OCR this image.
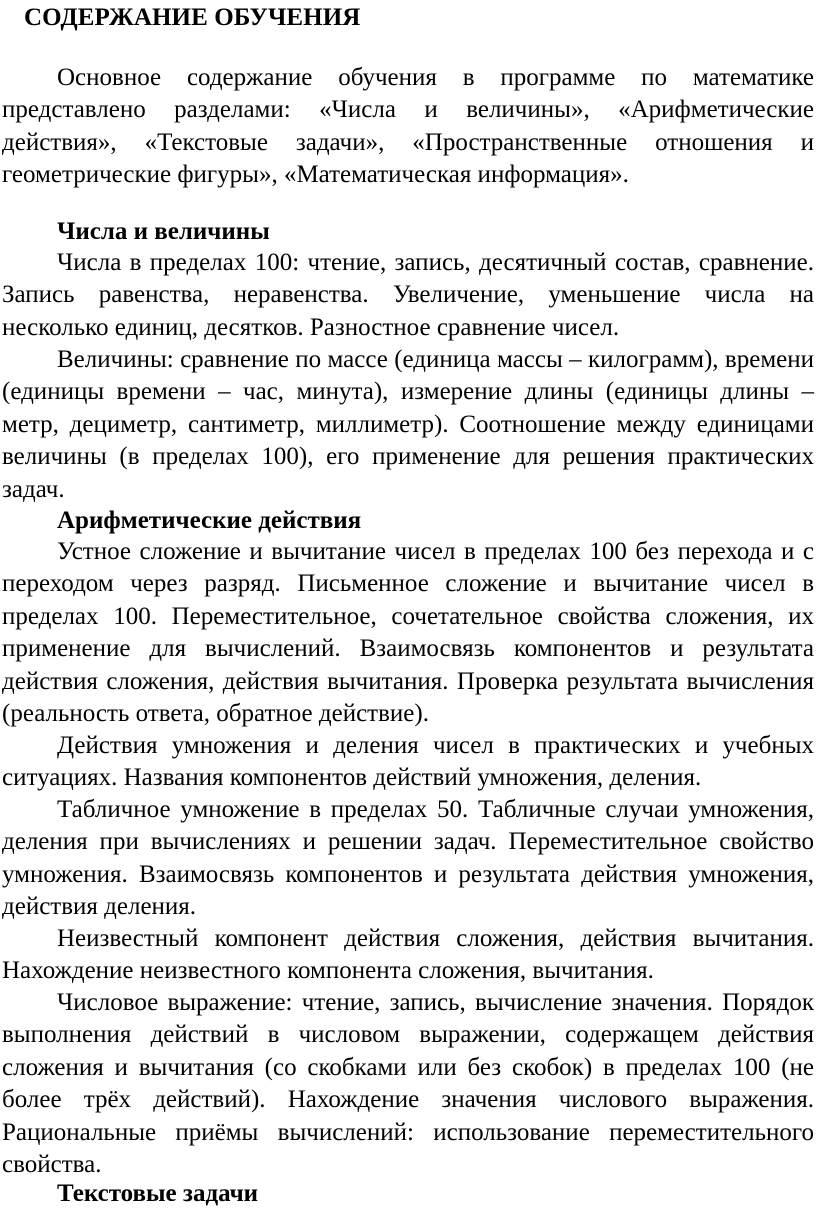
СОДЕРЖАНИЕ ОБУЧЕНИЯ

Основное содержание обучения в программе по математике представлено разделами: «Числа и величины», «Арифметические действия», «Текстовые задачи», «Пространственные отношения и геометрические фигуры», «Математическая информация».

Числа и величины

Числа в пределах 100: чтение, запись, десятичный состав, сравнение. Запись равенства, неравенства. Увеличение, уменьшение числа на несколько единиц, десятков. Разностное сравнение чисел.

Величины: сравнение по массе (единица массы – килограмм), времени (единицы времени – час, минута), измерение длины (единицы длины – метр, дециметр, сантиметр, миллиметр). Соотношение между единицами величины (в пределах 100), его применение для решения практических задач.

Арифметические действия

Устное сложение и вычитание чисел в пределах 100 без перехода и с переходом через разряд. Письменное сложение и вычитание чисел в пределах 100. Переместительное, сочетательное свойства сложения, их применение для вычислений. Взаимосвязь компонентов и результата действия сложения, действия вычитания. Проверка результата вычисления (реальность ответа, обратное действие).

Действия умножения и деления чисел в практических и учебных ситуациях. Названия компонентов действий умножения, деления.

Табличное умножение в пределах 50. Табличные случаи умножения, деления при вычислениях и решении задач. Переместительное свойство умножения. Взаимосвязь компонентов и результата действия умножения, действия деления.

Неизвестный компонент действия сложения, действия вычитания. Нахождение неизвестного компонента сложения, вычитания.

Числовое выражение: чтение, запись, вычисление значения. Порядок выполнения действий в числовом выражении, содержащем действия сложения и вычитания (со скобками или без скобок) в пределах 100 (не более трёх действий). Нахождение значения числового выражения. Рациональные приёмы вычислений: использование переместительного свойства.

Текстовые задачи
